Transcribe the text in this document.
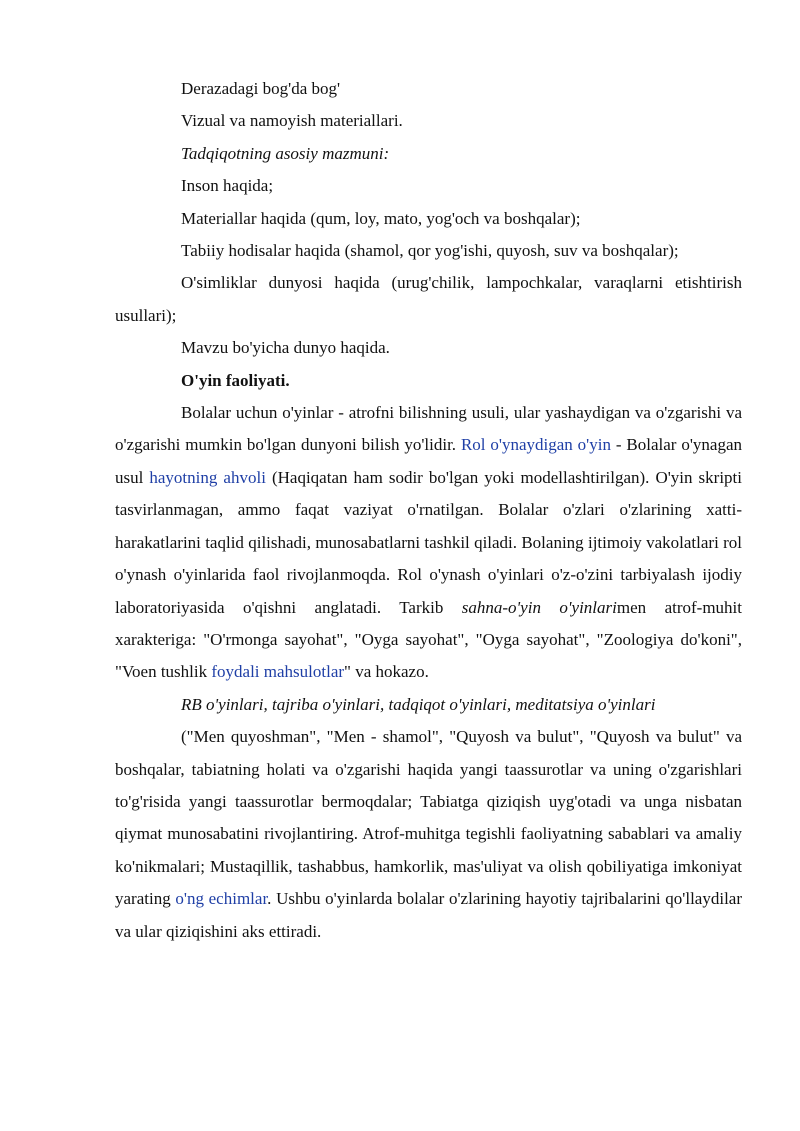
Derazadagi bog'da bog'

Vizual va namoyish materiallari.

Tadqiqotning asosiy mazmuni:

Inson haqida;

Materiallar haqida (qum, loy, mato, yog'och va boshqalar);

Tabiiy hodisalar haqida (shamol, qor yog'ishi, quyosh, suv va boshqalar);

O'simliklar dunyosi haqida (urug'chilik, lampochkalar, varaqlarni etishtirish usullari);

Mavzu bo'yicha dunyo haqida.

O'yin faoliyati.

Bolalar uchun o'yinlar - atrofni bilishning usuli, ular yashaydigan va o'zgarishi va o'zgarishi mumkin bo'lgan dunyoni bilish yo'lidir. Rol o'ynaydigan o'yin - Bolalar o'ynagan usul hayotning ahvoli (Haqiqatan ham sodir bo'lgan yoki modellashtirilgan). O'yin skripti tasvirlanmagan, ammo faqat vaziyat o'rnatilgan. Bolalar o'zlari o'zlarining xatti-harakatlarini taqlid qilishadi, munosabatlarni tashkil qiladi. Bolaning ijtimoiy vakolatlari rol o'ynash o'yinlarida faol rivojlanmoqda. Rol o'ynash o'yinlari o'z-o'zini tarbiyalash ijodiy laboratoriyasida o'qishni anglatadi. Tarkib sahna-o'yin o'yinlarimen atrof-muhit xarakteriga: "O'rmonga sayohat", "Oyga sayohat", "Oyga sayohat", "Zoologiya do'koni", "Voen tushlik foydali mahsulotlar" va hokazo.

RB o'yinlari, tajriba o'yinlari, tadqiqot o'yinlari, meditatsiya o'yinlari

("Men quyoshman", "Men - shamol", "Quyosh va bulut", "Quyosh va bulut" va boshqalar, tabiatning holati va o'zgarishi haqida yangi taassurotlar va uning o'zgarishlari to'g'risida yangi taassurotlar bermoqdalar; Tabiatga qiziqish uyg'otadi va unga nisbatan qiymat munosabatini rivojlantiring. Atrof-muhitga tegishli faoliyatning sabablari va amaliy ko'nikmalari; Mustaqillik, tashabbus, hamkorlik, mas'uliyat va olish qobiliyatiga imkoniyat yarating o'ng echimlar. Ushbu o'yinlarda bolalar o'zlarining hayotiy tajribalarini qo'llaydilar va ular qiziqishini aks ettiradi.
